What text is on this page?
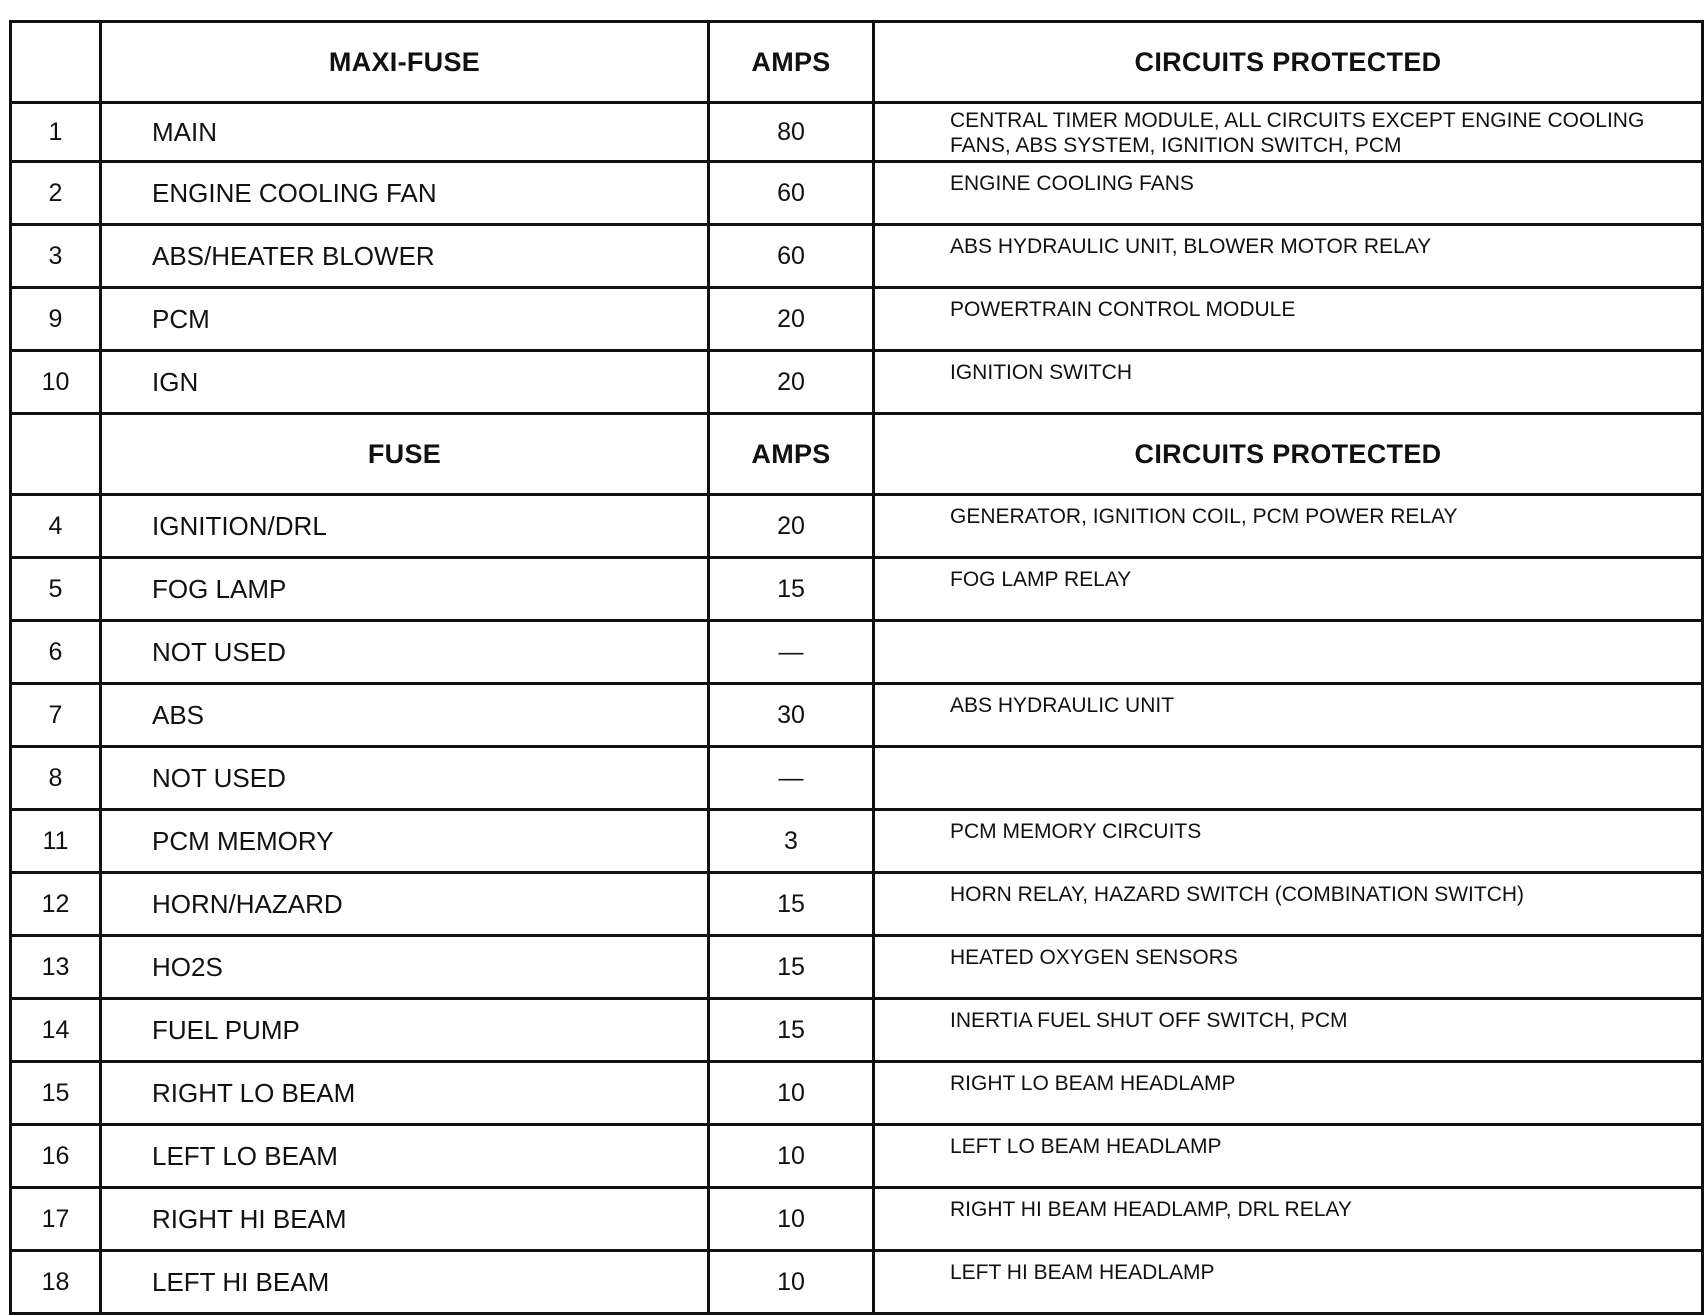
	MAXI-FUSE	AMPS	CIRCUITS PROTECTED
1	MAIN	80	CENTRAL TIMER MODULE, ALL CIRCUITS EXCEPT ENGINE COOLING FANS, ABS SYSTEM, IGNITION SWITCH, PCM
2	ENGINE COOLING FAN	60	ENGINE COOLING FANS
3	ABS/HEATER BLOWER	60	ABS HYDRAULIC UNIT, BLOWER MOTOR RELAY
9	PCM	20	POWERTRAIN CONTROL MODULE
10	IGN	20	IGNITION SWITCH
	FUSE	AMPS	CIRCUITS PROTECTED
4	IGNITION/DRL	20	GENERATOR, IGNITION COIL, PCM POWER RELAY
5	FOG LAMP	15	FOG LAMP RELAY
6	NOT USED	—	
7	ABS	30	ABS HYDRAULIC UNIT
8	NOT USED	—	
11	PCM MEMORY	3	PCM MEMORY CIRCUITS
12	HORN/HAZARD	15	HORN RELAY, HAZARD SWITCH (COMBINATION SWITCH)
13	HO2S	15	HEATED OXYGEN SENSORS
14	FUEL PUMP	15	INERTIA FUEL SHUT OFF SWITCH, PCM
15	RIGHT LO BEAM	10	RIGHT LO BEAM HEADLAMP
16	LEFT LO BEAM	10	LEFT LO BEAM HEADLAMP
17	RIGHT HI BEAM	10	RIGHT HI BEAM HEADLAMP, DRL RELAY
18	LEFT HI BEAM	10	LEFT HI BEAM HEADLAMP
